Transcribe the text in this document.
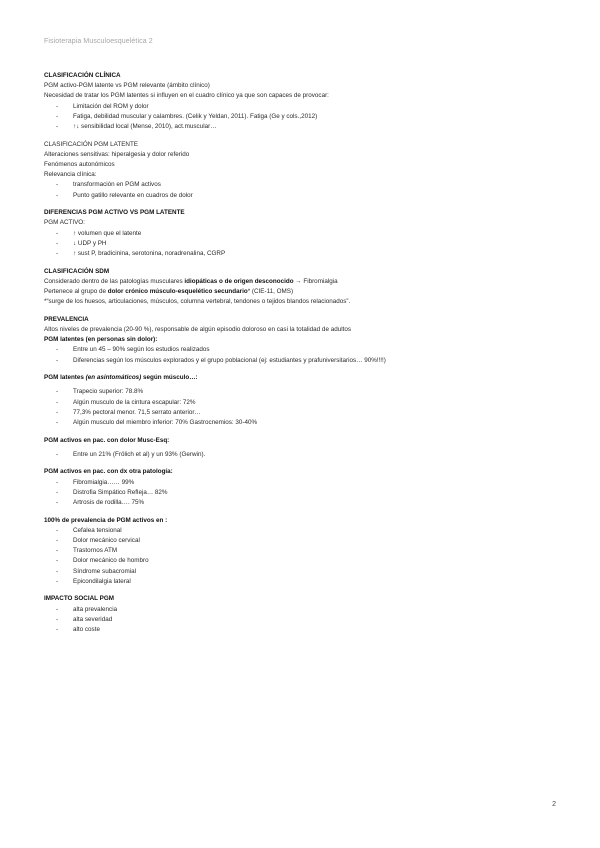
Fisioterapia Musculoesquelética 2

CLASIFICACIÓN CLÍNICA

PGM activo-PGM latente vs PGM relevante (ámbito clínico)

Necesidad de tratar los PGM latentes si influyen en el cuadro clínico ya que son capaces de provocar:

- Limitación del ROM y dolor
- Fatiga, debilidad muscular y calambres. (Celik y Yeldan, 2011). Fatiga (Ge y cols.,2012)
- ↑↓ sensibilidad local (Mense, 2010), act.muscular…

CLASIFICACIÓN PGM LATENTE

Alteraciones sensitivas: hiperalgesia y dolor referido

Fenómenos autonómicos

Relevancia clínica:

- transformación en PGM activos
- Punto gatillo relevante en cuadros de dolor

DIFERENCIAS PGM ACTIVO VS PGM LATENTE

PGM ACTIVO:

- ↑ volumen que el latente
- ↓ UDP y PH
- ↑ sust P, bradicinina, serotonina, noradrenalina, CGRP

CLASIFICACIÓN SDM

Considerado dentro de las patologías musculares idiopáticas o de origen desconocido → Fibromialgia

Pertenece al grupo de dolor crónico músculo-esquelético secundario* (CIE-11, OMS)

*“surge de los huesos, articulaciones, músculos, columna vertebral, tendones o tejidos blandos relacionados”.

PREVALENCIA

Altos niveles de prevalencia (20-90 %), responsable de algún episodio doloroso en casi la totalidad de adultos

PGM latentes (en personas sin dolor):

- Entre un 45 – 90% según los estudios realizados
- Diferencias según los músculos explorados y el grupo poblacional (ej: estudiantes y prafuniversitarios… 90%!!!!)

PGM latentes (en asintomáticos) según músculo…:

- Trapecio superior: 78.8%
- Algún musculo de la cintura escapular: 72%
- 77,3% pectoral menor. 71,5 serrato anterior…
- Algún musculo del miembro inferior: 70% Gastrocnemios: 30-40%

PGM activos en pac. con dolor Musc-Esq:

- Entre un 21% (Frölich et al) y un 93% (Gerwin).

PGM activos en pac. con dx otra patología:

- Fibromialgia…… 99%
- Distrofia Simpático Refleja… 82%
- Artrosis de rodilla…. 75%

100% de prevalencia de PGM activos en :

- Cefalea tensional
- Dolor mecánico cervical
- Trastornos ATM
- Dolor mecánico de hombro
- Síndrome subacromial
- Epicondilalgia lateral

IMPACTO SOCIAL PGM

- alta prevalencia
- alta severidad
- alto coste
2
